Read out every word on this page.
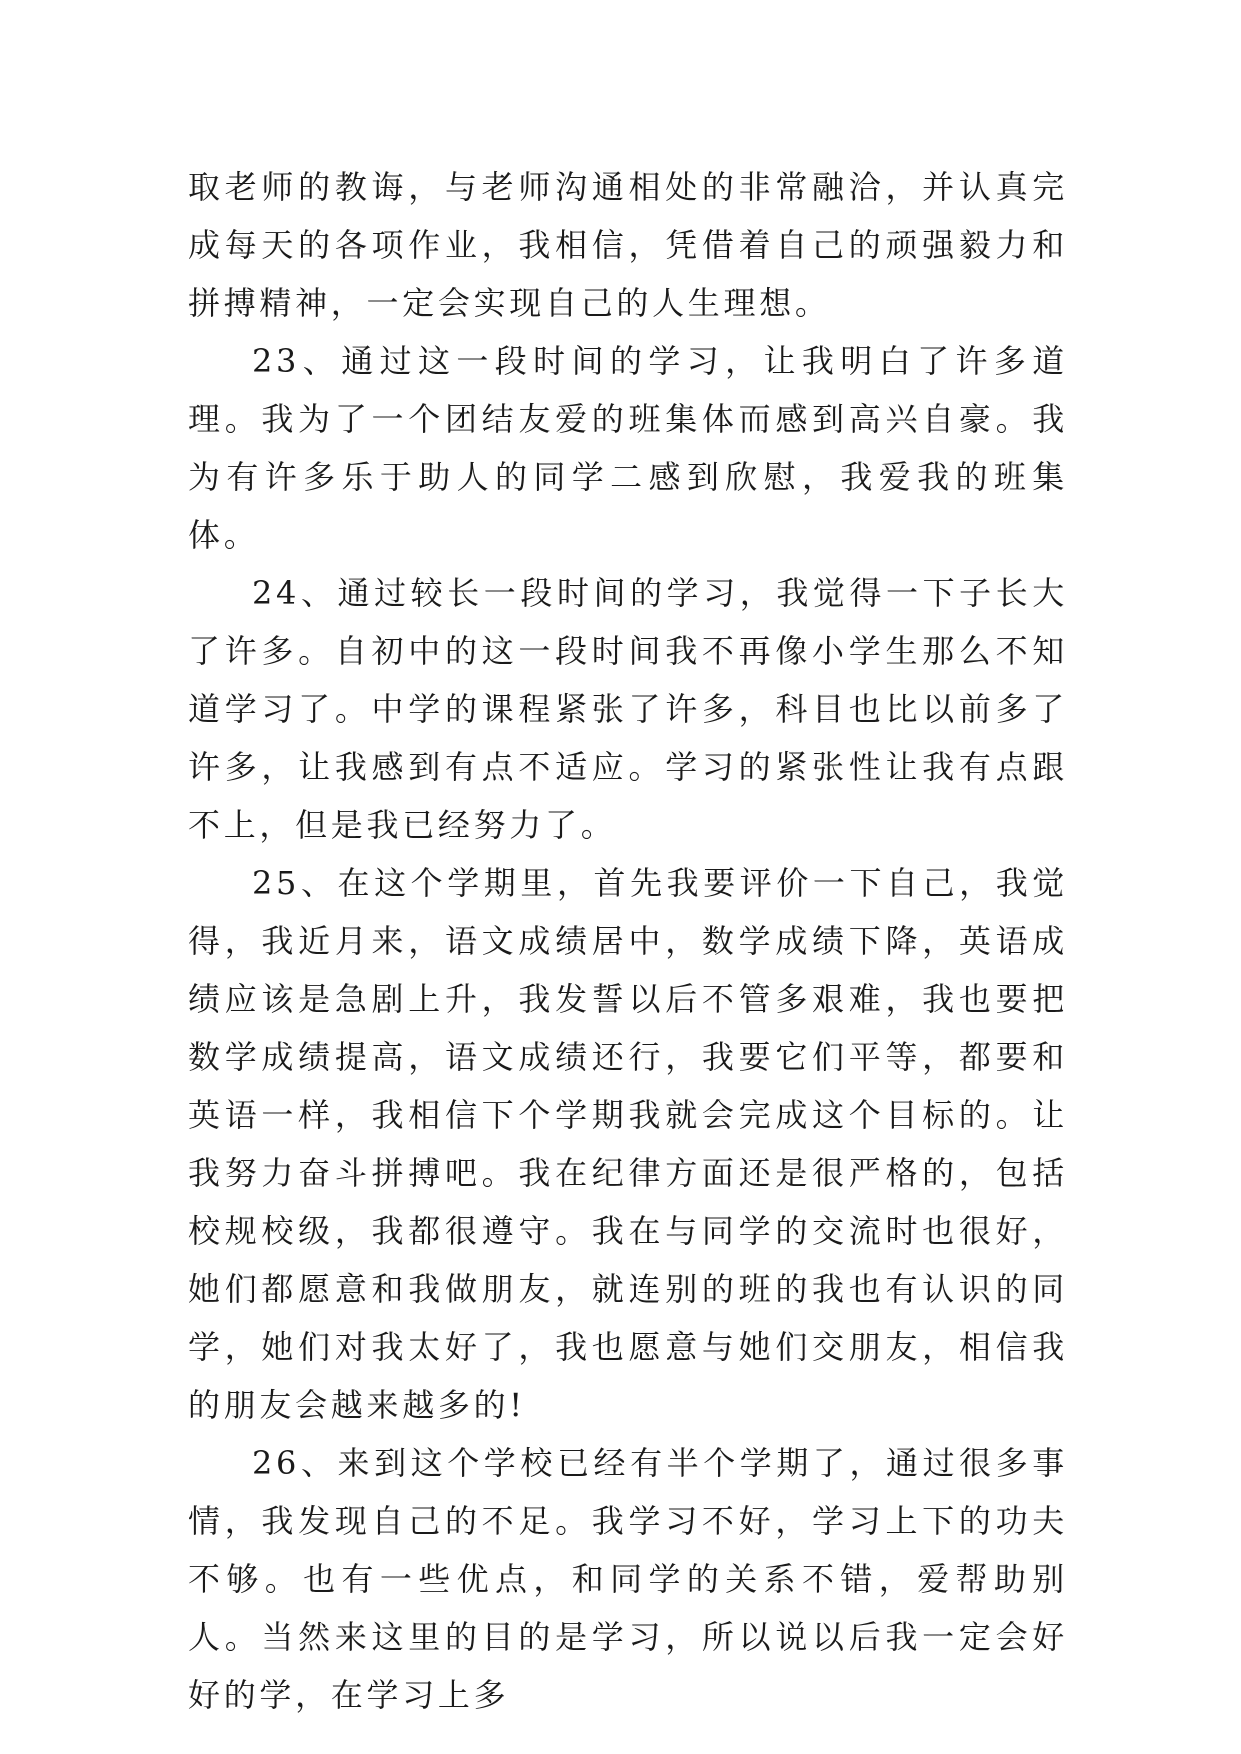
取老师的教诲，与老师沟通相处的非常融洽，并认真完成每天的各项作业，我相信，凭借着自己的顽强毅力和拼搏精神，一定会实现自己的人生理想。

23、通过这一段时间的学习，让我明白了许多道理。我为了一个团结友爱的班集体而感到高兴自豪。我为有许多乐于助人的同学二感到欣慰，我爱我的班集体。

24、通过较长一段时间的学习，我觉得一下子长大了许多。自初中的这一段时间我不再像小学生那么不知道学习了。中学的课程紧张了许多，科目也比以前多了许多，让我感到有点不适应。学习的紧张性让我有点跟不上，但是我已经努力了。

25、在这个学期里，首先我要评价一下自己，我觉得，我近月来，语文成绩居中，数学成绩下降，英语成绩应该是急剧上升，我发誓以后不管多艰难，我也要把数学成绩提高，语文成绩还行，我要它们平等，都要和英语一样，我相信下个学期我就会完成这个目标的。让我努力奋斗拼搏吧。我在纪律方面还是很严格的，包括校规校级，我都很遵守。我在与同学的交流时也很好，她们都愿意和我做朋友，就连别的班的我也有认识的同学，她们对我太好了，我也愿意与她们交朋友，相信我的朋友会越来越多的!

26、来到这个学校已经有半个学期了，通过很多事情，我发现自己的不足。我学习不好，学习上下的功夫不够。也有一些优点，和同学的关系不错，爱帮助别人。当然来这里的目的是学习，所以说以后我一定会好好的学，在学习上多
